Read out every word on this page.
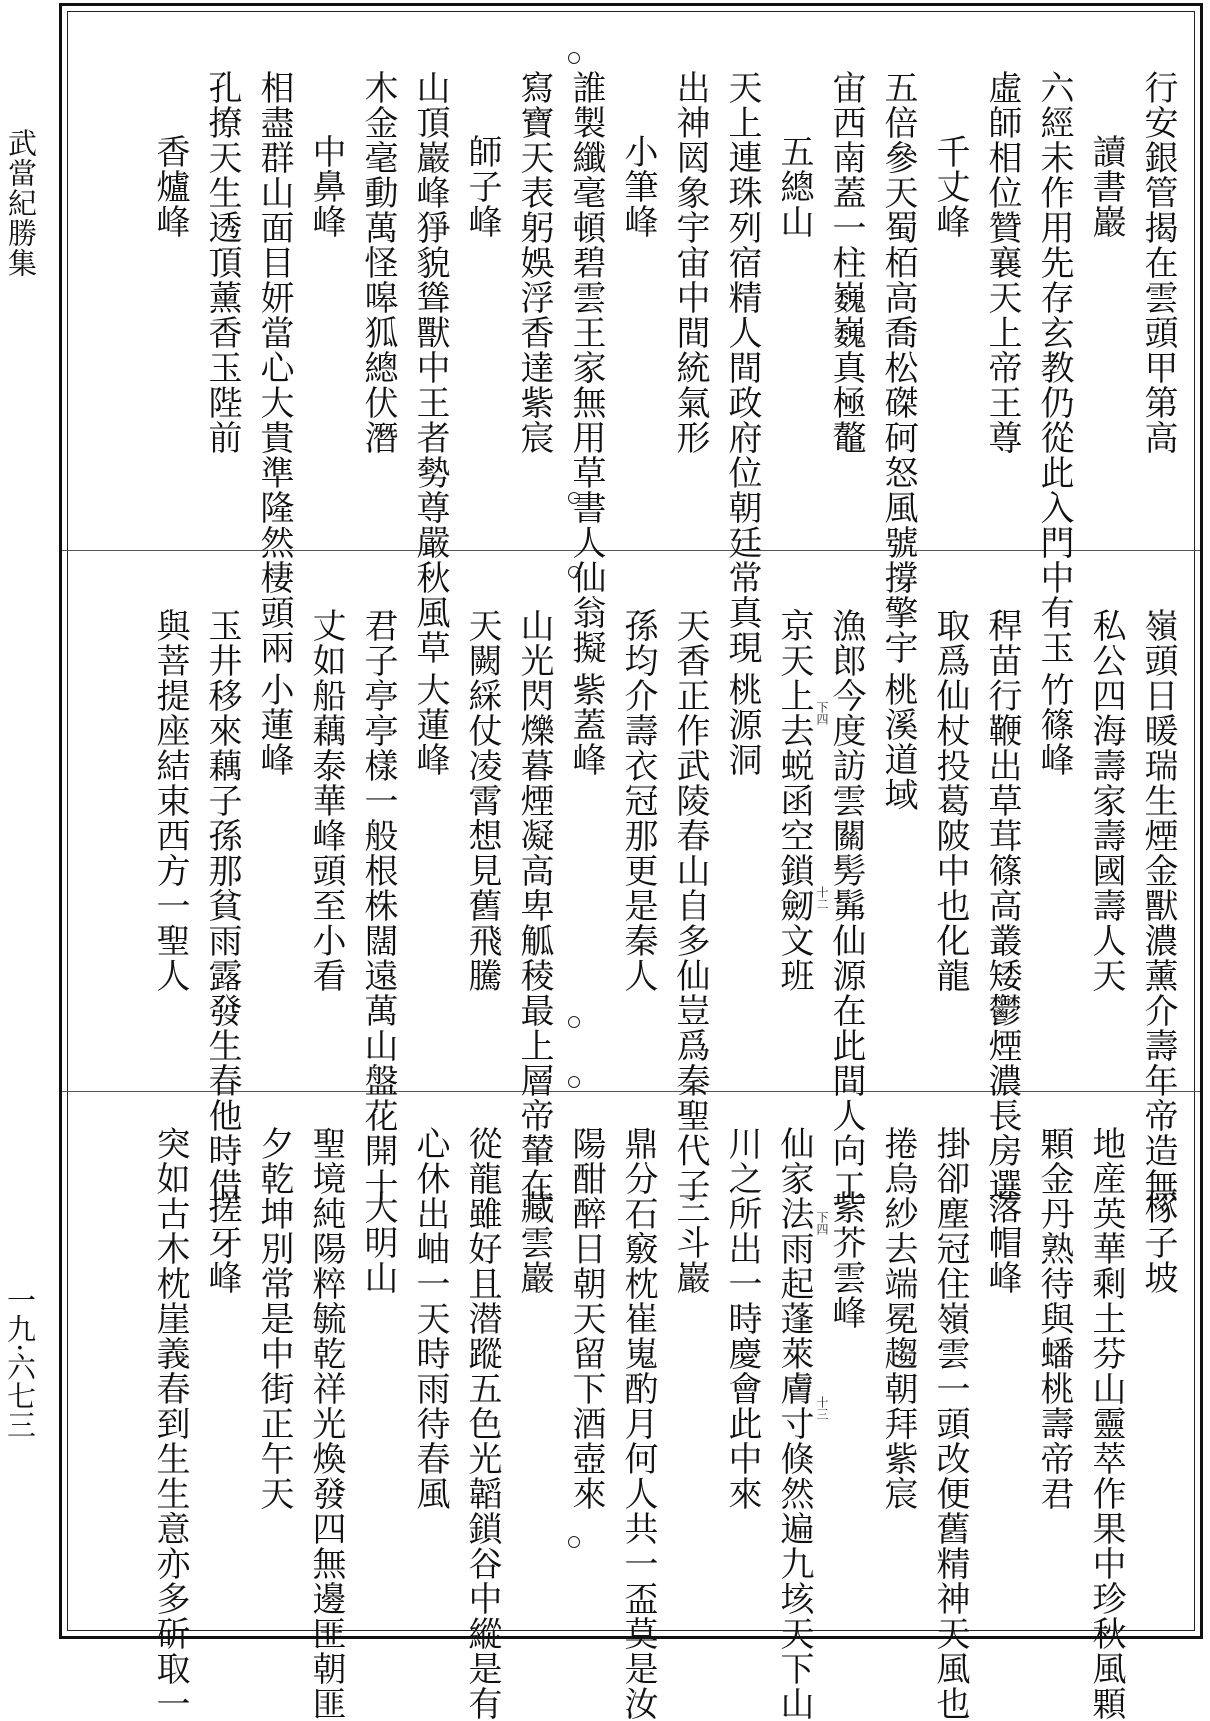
武當紀勝集
一九·六七三
行安銀管揭在雲頭甲第高
讀書巖
六經未作用先存玄教仍從此入門中有玉
虛師相位贊襄天上帝王尊
千丈峰
五倍參天蜀栢高喬松磔砢怒風號撐擎宇
宙西南蓋一柱巍巍真極鼇
五總山
天上連珠列宿精人間政府位朝廷常真現
出神㒺象宇宙中間統氣形
小筆峰
誰製纖毫頓碧雲王家無用草書人仙翁擬
寫寶天表躬娛浮香達紫宸
師子峰
山頂巖峰猙貌聳獸中王者勢尊嚴秋風草
木金毫動萬怪嗥狐總伏潛
中鼻峰
相盡群山面目妍當心大貴準隆然棲頭兩
孔撩天生透頂薰香玉陛前
香爐峰
嶺頭日暖瑞生煙金獸濃薰介壽年帝造無
私公四海壽家壽國壽人天
竹篠峰
稈苗行鞭出草茸篠高叢矮鬱煙濃長房選
取爲仙杖投葛陂中也化龍
桃溪道域
漁郎今度訪雲關髣髴仙源在此間人向工
京天上去蜕函空鎖劒文班
桃源洞
天香正作武陵春山自多仙豈爲秦聖代子
孫均介壽衣冠那更是秦人
紫蓋峰
山光閃爍暮煙凝高卑觚稜最上層帝輦在
天闕綵仗凌霄想見舊飛騰
大蓮峰
君子亭亭樣一般根株闊遠萬山盤花開十
丈如船藕泰華峰頭至小看
小蓮峰
玉井移來藕子孫那貧雨露發生春他時借
與菩提座結束西方一聖人
椓子坡
地産英華剩土芬山靈萃作果中珍秋風顆
顆金丹熟待與蟠桃壽帝君
落帽峰
掛卻塵冠住嶺雲一頭改便舊精神天風也
捲烏紗去端冕趨朝拜紫宸
紫芥雲峰
仙家法雨起蓬萊膚寸倏然遍九垓天下山
川之所出一時慶會此中來
三斗巖
鼎分石竅枕崔嵬酌月何人共一盃莫是汝
陽酣醉日朝天留下酒壺來
藏雲巖
從龍雖好且潜蹤五色光韜鎖谷中縱是有
心休出岫一天時雨待春風
大明山
聖境純陽粹毓乾祥光煥發四無邊匪朝匪
夕乾坤別常是中街正午天
搓牙峰
突如古木枕崖義春到生生意亦多斫取一
下四
十二
下四
十三
